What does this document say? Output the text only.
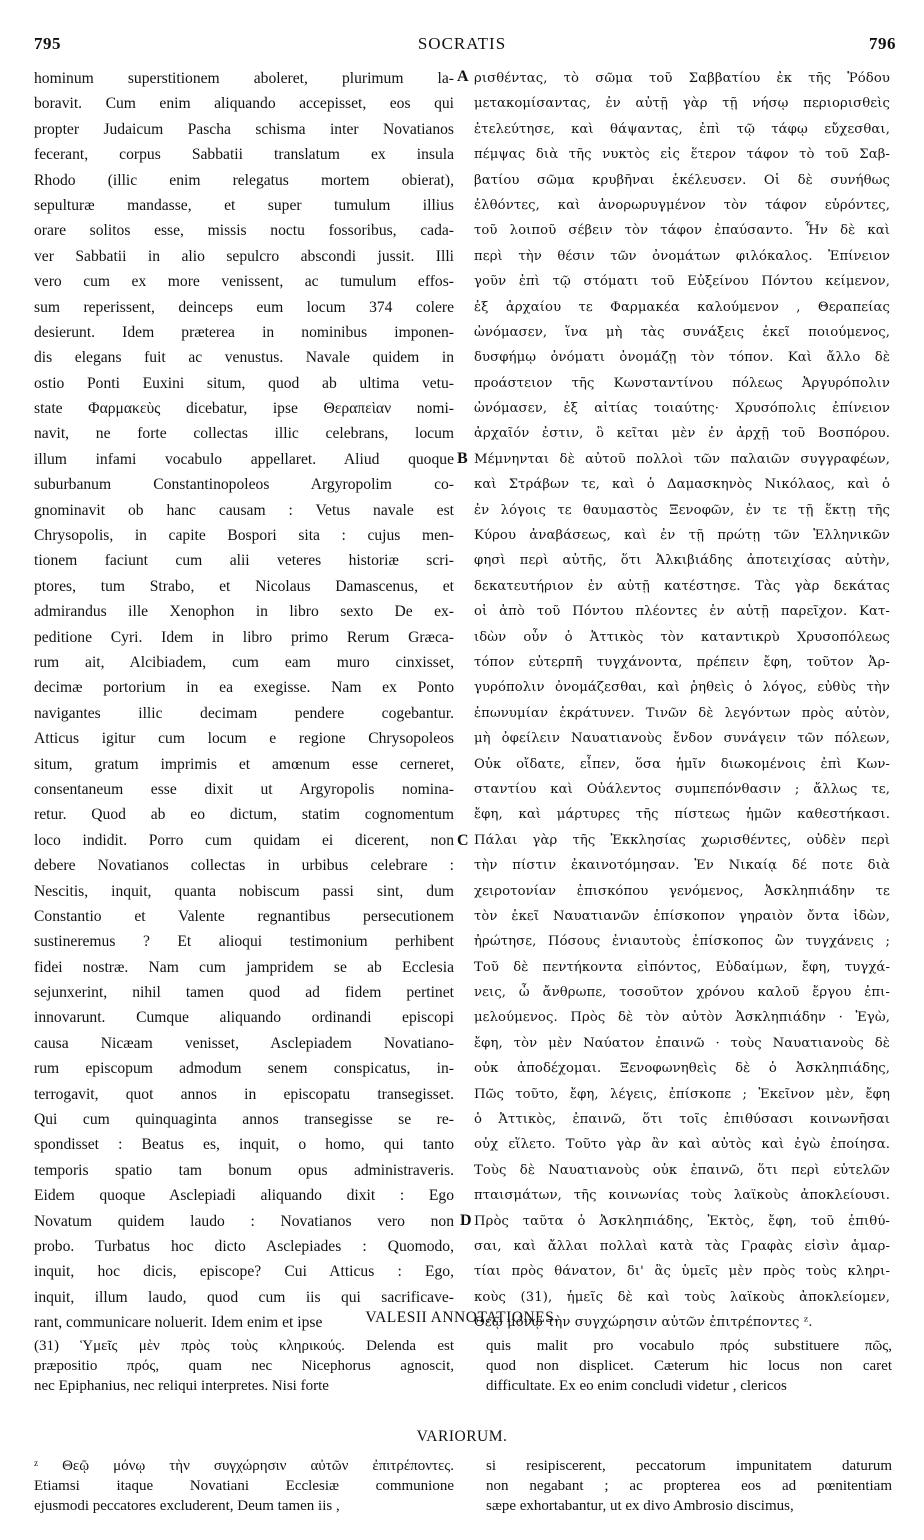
795	SOCRATIS	796
hominum superstitionem aboleret, plurimum la-
boravit. Cum enim aliquando accepisset, eos qui
propter Judaicum Pascha schisma inter Novatianos
fecerant, corpus Sabbatii translatum ex insula
Rhodo (illic enim relegatus mortem obierat),
sepulturæ mandasse, et super tumulum illius
orare solitos esse, missis noctu fossoribus, cada-
ver Sabbatii in alio sepulcro abscondi jussit. Illi
vero cum ex more venissent, ac tumulum effos-
sum reperissent, deinceps eum locum 374 colere
desierunt. Idem præterea in nominibus imponen-
dis elegans fuit ac venustus. Navale quidem in
ostio Ponti Euxini situm, quod ab ultima vetu-
state Φαρμακεὺς dicebatur, ipse Θεραπεὶαν nomi-
navit, ne forte collectas illic celebrans, locum
illum infami vocabulo appellaret. Aliud quoque
suburbanum Constantinopoleos Argyropolim co-
gnominavit ob hanc causam : Vetus navale est
Chrysopolis, in capite Bospori sita : cujus men-
tionem faciunt cum alii veteres historiæ scri-
ptores, tum Strabo, et Nicolaus Damascenus, et
admirandus ille Xenophon in libro sexto De ex-
peditione Cyri. Idem in libro primo Rerum Græca-
rum ait, Alcibiadem, cum eam muro cinxisset,
decimæ portorium in ea exegisse. Nam ex Ponto
navigantes illic decimam pendere cogebantur.
Atticus igitur cum locum e regione Chrysopoleos
situm, gratum imprimis et amœnum esse cerneret,
consentaneum esse dixit ut Argyropolis nomina-
retur. Quod ab eo dictum, statim cognomentum
loco indidit. Porro cum quidam ei dicerent, non
debere Novatianos collectas in urbibus celebrare :
Nescitis, inquit, quanta nobiscum passi sint, dum
Constantio et Valente regnantibus persecutionem
sustineremus ? Et alioqui testimonium perhibent
fidei nostræ. Nam cum jampridem se ab Ecclesia
sejunxerint, nihil tamen quod ad fidem pertinet
innovarunt. Cumque aliquando ordinandi episcopi
causa Nicæam venisset, Asclepiadem Novatiano-
rum episcopum admodum senem conspicatus, in-
terrogavit, quot annos in episcopatu transegisset.
Qui cum quinquaginta annos transegisse se re-
spondisset : Beatus es, inquit, o homo, qui tanto
temporis spatio tam bonum opus administraveris.
Eidem quoque Asclepiadi aliquando dixit : Ego
Novatum quidem laudo : Novatianos vero non
probo. Turbatus hoc dicto Asclepiades : Quomodo,
inquit, hoc dicis, episcope? Cui Atticus : Ego,
inquit, illum laudo, quod cum iis qui sacrificave-
rant, communicare noluerit. Idem enim et ipse
ρισθέντας, τὸ σῶμα τοῦ Σαββατίου ἐκ τῆς Ῥόδου
μετακομίσαντας, ἐν αὐτῇ γὰρ τῇ νήσῳ περιορισθεὶς
ἐτελεύτησε, καὶ θάψαντας, ἐπὶ τῷ τάφῳ εὔχεσθαι,
πέμψας διὰ τῆς νυκτὸς εἰς ἕτερον τάφον τὸ τοῦ Σαβ-
βατίου σῶμα κρυβῆναι ἐκέλευσεν. Οἱ δὲ συνήθως
ἐλθόντες, καὶ ἀνορωρυγμένον τὸν τάφον εὑρόντες,
τοῦ λοιποῦ σέβειν τὸν τάφον ἐπαύσαντο. Ἦν δὲ καὶ
περὶ τὴν θέσιν τῶν ὀνομάτων φιλόκαλος. Ἐπίνειον
γοῦν ἐπὶ τῷ στόματι τοῦ Εὐξείνου Πόντου κείμενον,
ἐξ ἀρχαίου τε Φαρμακέα καλούμενον , Θεραπείας
ὠνόμασεν, ἵνα μὴ τὰς συνάξεις ἐκεῖ ποιούμενος,
δυσφήμῳ ὀνόματι ὀνομάζῃ τὸν τόπον. Καὶ ἄλλο δὲ
προάστειον τῆς Κωνσταντίνου πόλεως Ἀργυρόπολιν
ὠνόμασεν, ἐξ αἰτίας τοιαύτης· Χρυσόπολις ἐπίνειον
ἀρχαῖόν ἐστιν, ὃ κεῖται μὲν ἐν ἀρχῇ τοῦ Βοσπόρου.
Μέμνηνται δὲ αὐτοῦ πολλοὶ τῶν παλαιῶν συγγραφέων,
καὶ Στράβων τε, καὶ ὁ Δαμασκηνὸς Νικόλαος, καὶ ὁ
ἐν λόγοις τε θαυμαστὸς Ξενοφῶν, ἐν τε τῇ ἕκτῃ τῆς
Κύρου ἀναβάσεως, καὶ ἐν τῇ πρώτῃ τῶν Ἑλληνικῶν
φησὶ περὶ αὐτῆς, ὅτι Ἀλκιβιάδης ἀποτειχίσας αὐτὴν,
δεκατευτήριον ἐν αὐτῇ κατέστησε. Τὰς γὰρ δεκάτας
οἱ ἀπὸ τοῦ Πόντου πλέοντες ἐν αὐτῇ παρεῖχον. Κατ-
ιδὼν οὖν ὁ Ἀττικὸς τὸν καταντικρὺ Χρυσοπόλεως
τόπον εὐτερπῆ τυγχάνοντα, πρέπειν ἔφη, τοῦτον Ἀρ-
γυρόπολιν ὀνομάζεσθαι, καὶ ῥηθεὶς ὁ λόγος, εὐθὺς τὴν
ἐπωνυμίαν ἐκράτυνεν. Τινῶν δὲ λεγόντων πρὸς αὐτὸν,
μὴ ὀφείλειν Ναυατιανοὺς ἔνδον συνάγειν τῶν πόλεων,
Οὐκ οἴδατε, εἶπεν, ὅσα ἡμῖν διωκομένοις ἐπὶ Κων-
σταντίου καὶ Οὐάλεντος συμπεπόνθασιν ; ἄλλως τε,
ἔφη, καὶ μάρτυρες τῆς πίστεως ἡμῶν καθεστήκασι.
Πάλαι γὰρ τῆς Ἐκκλησίας χωρισθέντες, οὐδὲν περὶ
τὴν πίστιν ἐκαινοτόμησαν. Ἐν Νικαίᾳ δέ ποτε διὰ
χειροτονίαν ἐπισκόπου γενόμενος, Ἀσκληπιάδην τε
τὸν ἐκεῖ Ναυατιανῶν ἐπίσκοπον γηραιὸν ὄντα ἰδὼν,
ἠρώτησε, Πόσους ἐνιαυτοὺς ἐπίσκοπος ὢν τυγχάνεις ;
Τοῦ δὲ πεντήκοντα εἰπόντος, Εὐδαίμων, ἔφη, τυγχά-
νεις, ὦ ἄνθρωπε, τοσοῦτον χρόνου καλοῦ ἔργου ἐπι-
μελούμενος. Πρὸς δὲ τὸν αὐτὸν Ἀσκληπιάδην · Ἐγὼ,
ἔφη, τὸν μὲν Ναύατον ἐπαινῶ · τοὺς Ναυατιανοὺς δὲ
οὐκ ἀποδέχομαι. Ξενοφωνηθεὶς δὲ ὁ Ἀσκληπιάδης,
Πῶς τοῦτο, ἔφη, λέγεις, ἐπίσκοπε ; Ἐκεῖνον μὲν, ἔφη
ὁ Ἀττικὸς, ἐπαινῶ, ὅτι τοῖς ἐπιθύσασι κοινωνῆσαι
οὐχ εἵλετο. Τοῦτο γὰρ ἂν καὶ αὐτὸς καὶ ἐγὼ ἐποίησα.
Τοὺς δὲ Ναυατιανοὺς οὐκ ἐπαινῶ, ὅτι περὶ εὐτελῶν
πταισμάτων, τῆς κοινωνίας τοὺς λαϊκοὺς ἀποκλείουσι.
Πρὸς ταῦτα ὁ Ἀσκληπιάδης, Ἐκτὸς, ἔφη, τοῦ ἐπιθύ-
σαι, καὶ ἄλλαι πολλαὶ κατὰ τὰς Γραφὰς εἰσὶν ἁμαρ-
τίαι πρὸς θάνατον, δι' ἃς ὑμεῖς μὲν πρὸς τοὺς κληρι-
κοὺς (31), ἡμεῖς δὲ καὶ τοὺς λαϊκοὺς ἀποκλείομεν,
Θεῷ μόνῳ τὴν συγχώρησιν αὐτῶν ἐπιτρέποντες ᶻ.
A
B
C
D
VALESII ANNOTATIONES.
(31) Ὑμεῖς μὲν πρὸς τοὺς κληρικούς. Delenda est
præpositio πρός, quam nec Nicephorus agnoscit,
nec Epiphanius, nec reliqui interpretes. Nisi forte
quis malit pro vocabulo πρός substituere πῶς,
quod non displicet. Cæterum hic locus non caret
difficultate. Ex eo enim concludi videtur , clericos
VARIORUM.
ᶻ Θεῷ μόνῳ τὴν συγχώρησιν αὐτῶν ἐπιτρέποντες.
Etiamsi itaque Novatiani Ecclesiæ communione
ejusmodi peccatores excluderent, Deum tamen iis ,
si resipiscerent, peccatorum impunitatem daturum
non negabant ; ac propterea eos ad pœnitentiam
sæpe exhortabantur, ut ex divo Ambrosio discimus,
